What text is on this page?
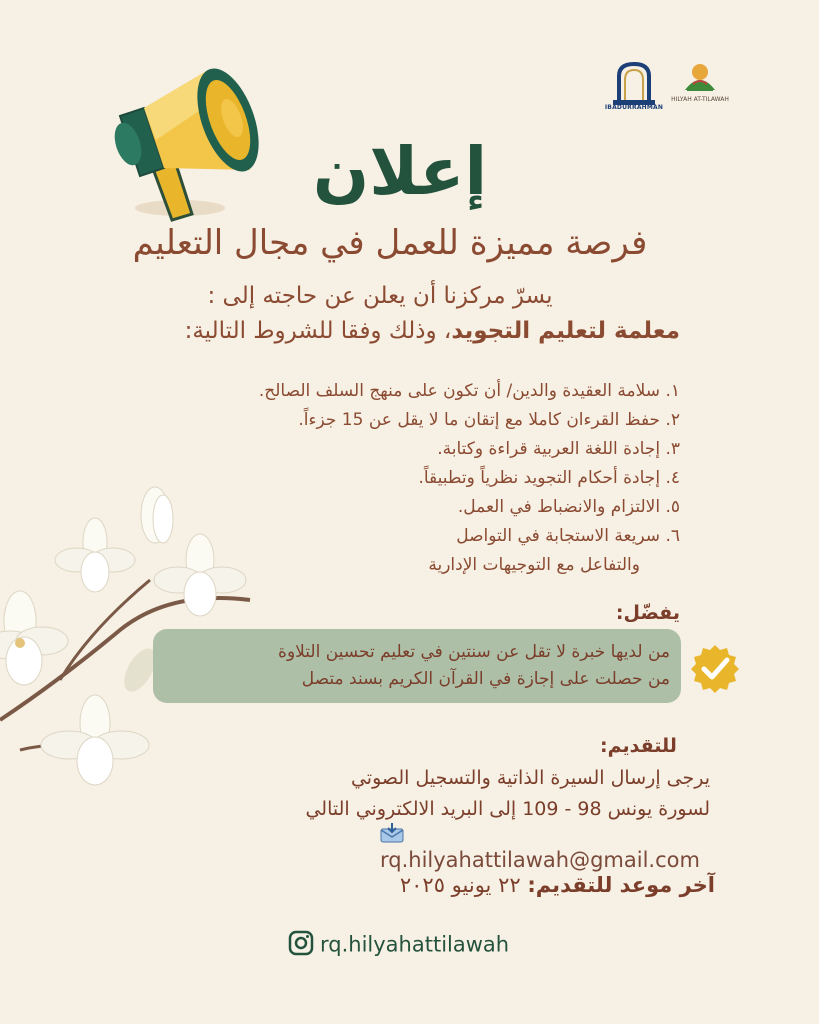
IBADURRAHMAN
HILYAH AT-TILAWAH
إعلان
فرصة مميزة للعمل في مجال التعليم
يسرّ مركزنا أن يعلن عن حاجته إلى :
معلمة لتعليم التجويد، وذلك وفقا للشروط التالية:
١. سلامة العقيدة والدين/ أن تكون على منهج السلف الصالح.
٢. حفظ القرءان كاملا مع إتقان ما لا يقل عن 15 جزءاً.
٣. إجادة اللغة العربية قراءة وكتابة.
٤. إجادة أحكام التجويد نظرياً وتطبيقاً.
٥. الالتزام والانضباط في العمل.
٦. سريعة الاستجابة في التواصل
والتفاعل مع التوجيهات الإدارية
يفضّل:
من لديها خبرة لا تقل عن سنتين في تعليم تحسين التلاوة
من حصلت على إجازة في القرآن الكريم بسند متصل
:للتقديم
يرجى إرسال السيرة الذاتية والتسجيل الصوتي
لسورة يونس 98 - 109 إلى البريد الالكتروني التالي
rq.hilyahattilawah@gmail.com
آخر موعد للتقديم: ٢٢ يونيو ٢٠٢٥
rq.hilyahattilawah
